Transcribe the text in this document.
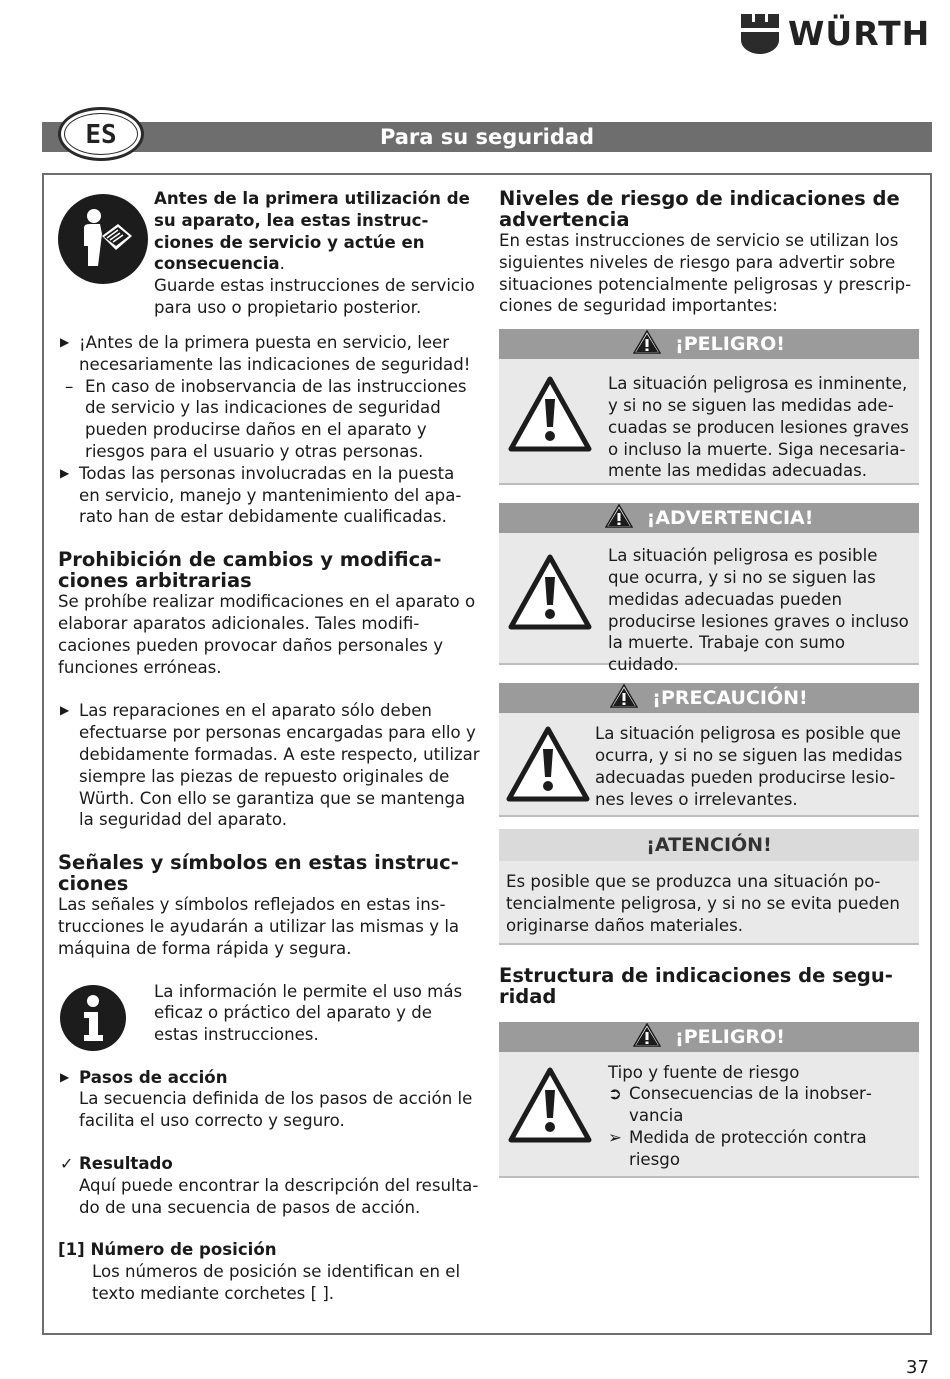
WÜRTH
Para su seguridad
ES

Antes de la primera utilización de su aparato, lea estas instrucciones de servicio y actúe en consecuencia.

Guarde estas instrucciones de servicio para uso o propietario posterior.

▶ ¡Antes de la primera puesta en servicio, leer necesariamente las indicaciones de seguridad!
– En caso de inobservancia de las instrucciones de servicio y las indicaciones de seguridad pueden producirse daños en el aparato y riesgos para el usuario y otras personas.
▶ Todas las personas involucradas en la puesta en servicio, manejo y mantenimiento del aparato han de estar debidamente cualificadas.
Prohibición de cambios y modificaciones arbitrarias

Se prohíbe realizar modificaciones en el aparato o elaborar aparatos adicionales. Tales modificaciones pueden provocar daños personales y funciones erróneas.

▶ Las reparaciones en el aparato sólo deben efectuarse por personas encargadas para ello y debidamente formadas. A este respecto, utilizar siempre las piezas de repuesto originales de Würth. Con ello se garantiza que se mantenga la seguridad del aparato.
Señales y símbolos en estas instrucciones

Las señales y símbolos reflejados en estas instrucciones le ayudarán a utilizar las mismas y la máquina de forma rápida y segura.

La información le permite el uso más eficaz o práctico del aparato y de estas instrucciones.
▶ Pasos de acción

La secuencia definida de los pasos de acción le facilita el uso correcto y seguro.

✓ Resultado

Aquí puede encontrar la descripción del resultado de una secuencia de pasos de acción.

[1] Número de posición

Los números de posición se identifican en el texto mediante corchetes [ ].

Niveles de riesgo de indicaciones de advertencia

En estas instrucciones de servicio se utilizan los siguientes niveles de riesgo para advertir sobre situaciones potencialmente peligrosas y prescripciones de seguridad importantes:

¡PELIGRO!
La situación peligrosa es inminente, y si no se siguen las medidas adecuadas se producen lesiones graves o incluso la muerte. Siga necesariamente las medidas adecuadas.
¡ADVERTENCIA!
La situación peligrosa es posible que ocurra, y si no se siguen las medidas adecuadas pueden producirse lesiones graves o incluso la muerte. Trabaje con sumo cuidado.
¡PRECAUCIÓN!
La situación peligrosa es posible que ocurra, y si no se siguen las medidas adecuadas pueden producirse lesiones leves o irrelevantes.
¡ATENCIÓN!
Es posible que se produzca una situación potencialmente peligrosa, y si no se evita pueden originarse daños materiales.
Estructura de indicaciones de seguridad
¡PELIGRO!

Tipo y fuente de riesgo

➲ Consecuencias de la inobservancia
➢ Medida de protección contra riesgo
37
